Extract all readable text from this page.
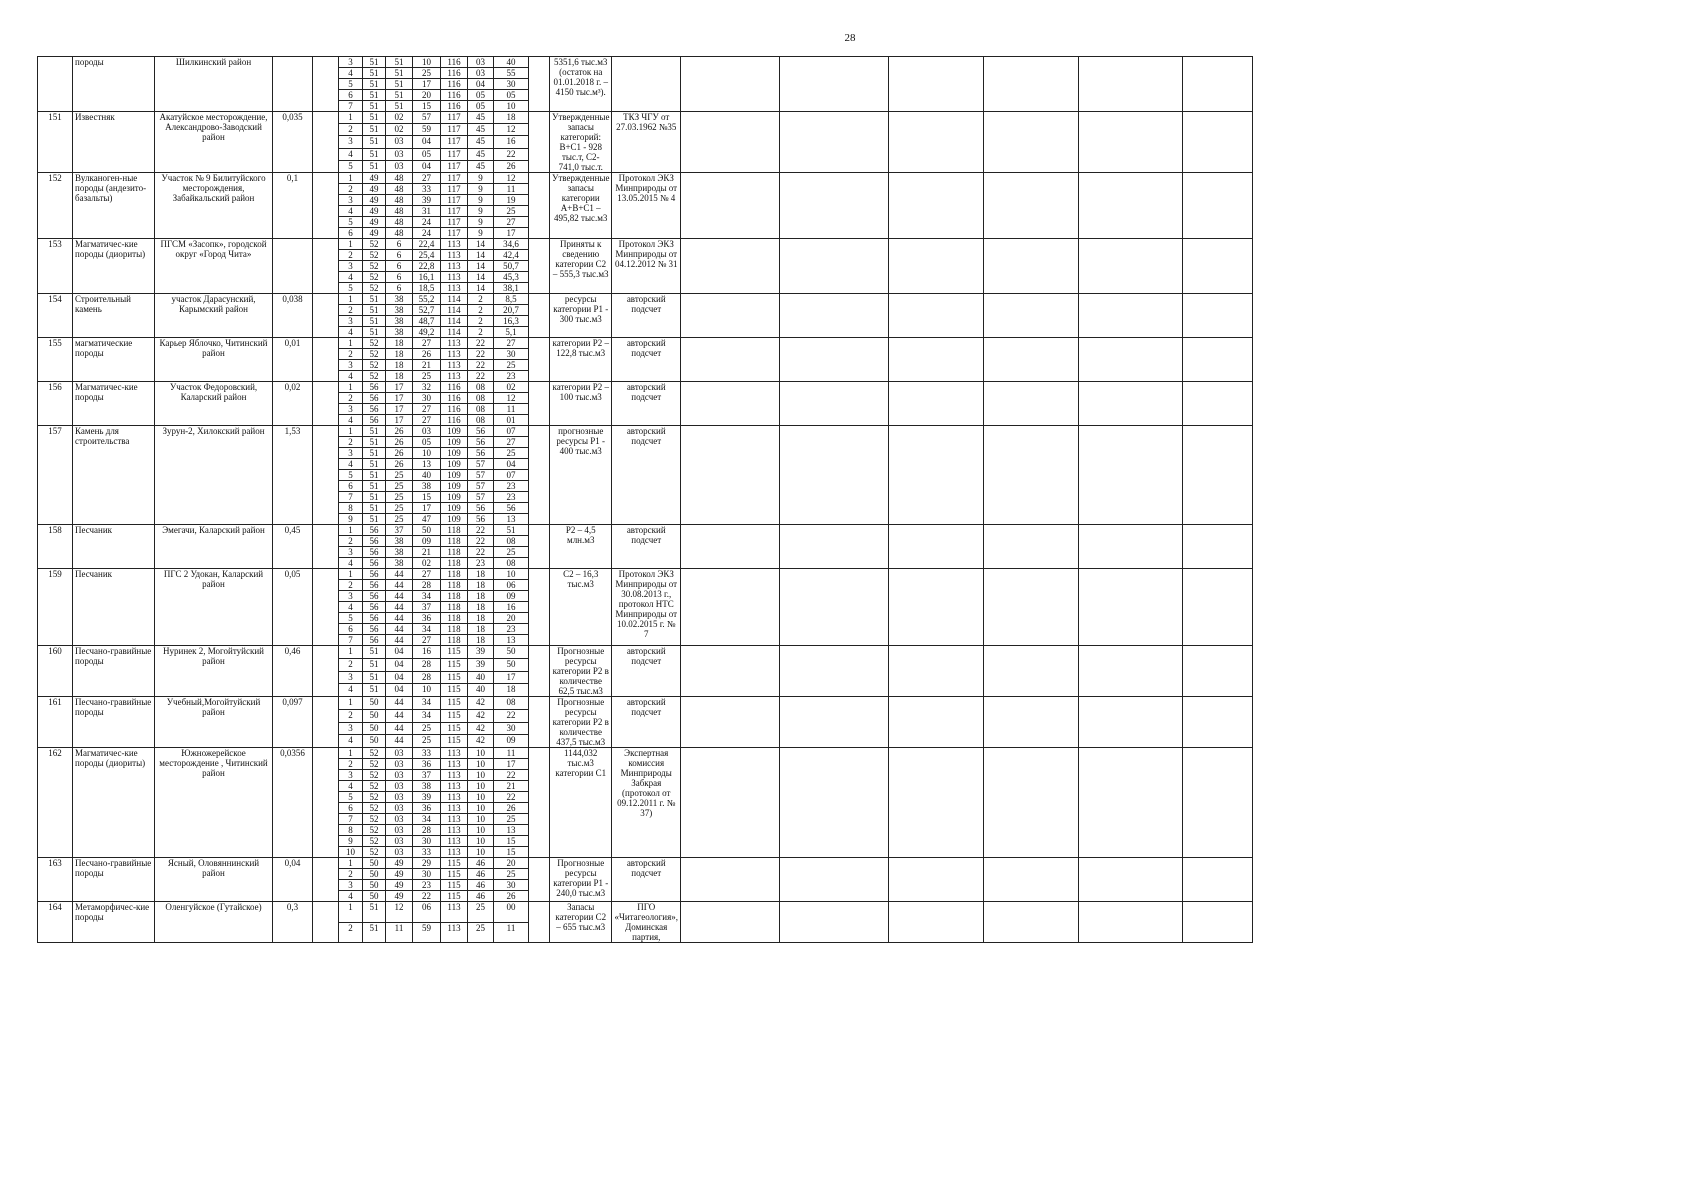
28
	породы	Шилкинский район			3	51	51	10	116	03	40		5351,6 тыс.м3 (остаток на 01.01.2018 г. – 4150 тыс.м³).							
					4	51	51	25	116	03	55									
					5	51	51	17	116	04	30									
					6	51	51	20	116	05	05									
					7	51	51	15	116	05	10									
151	Известняк	Акатуйское месторождение, Александрово-Заводский район	0,035		1	51	02	57	117	45	18		Утвержденные запасы категорий: В+С1 - 928 тыс.т, С2-741,0 тыс.т.	ТКЗ ЧГУ от 27.03.1962 №35						
					2	51	02	59	117	45	12									
					3	51	03	04	117	45	16									
					4	51	03	05	117	45	22									
					5	51	03	04	117	45	26									
152	Вулканоген-ные породы (андезито-базальты)	Участок № 9 Билитуйского месторождения, Забайкальский район	0,1		1	49	48	27	117	9	12		Утвержденные запасы категории А+В+С1 – 495,82 тыс.м3	Протокол ЭКЗ Минприроды от 13.05.2015 № 4						
					2	49	48	33	117	9	11									
					3	49	48	39	117	9	19									
					4	49	48	31	117	9	25									
					5	49	48	24	117	9	27									
					6	49	48	24	117	9	17									
153	Магматичес-кие породы (диориты)	ПГСМ «Засопк», городской округ «Город Чита»			1	52	6	22,4	113	14	34,6		Приняты к сведению категории С2 – 555,3 тыс.м3	Протокол ЭКЗ Минприроды от 04.12.2012 № 31						
					2	52	6	25,4	113	14	42,4									
					3	52	6	22,8	113	14	50,7									
					4	52	6	16,1	113	14	45,3									
					5	52	6	18,5	113	14	38,1									
154	Строительный камень	участок Дарасунский, Карымский район	0,038		1	51	38	55,2	114	2	8,5		ресурсы категории Р1 - 300 тыс.м3	авторский подсчет						
					2	51	38	52,7	114	2	20,7									
					3	51	38	48,7	114	2	16,3									
					4	51	38	49,2	114	2	5,1									
155	магматические породы	Карьер Яблочко, Читинский район	0,01		1	52	18	27	113	22	27		категории Р2 – 122,8 тыс.м3	авторский подсчет						
					2	52	18	26	113	22	30									
					3	52	18	21	113	22	25									
					4	52	18	25	113	22	23									
156	Магматичес-кие породы	Участок Федоровский, Каларский район	0,02		1	56	17	32	116	08	02		категории Р2 – 100 тыс.м3	авторский подсчет						
					2	56	17	30	116	08	12									
					3	56	17	27	116	08	11									
					4	56	17	27	116	08	01									
157	Камень для строительства	Зурун-2, Хилокский район	1,53		1	51	26	03	109	56	07		прогнозные ресурсы Р1 - 400 тыс.м3	авторский подсчет						
					2	51	26	05	109	56	27									
					3	51	26	10	109	56	25									
					4	51	26	13	109	57	04									
					5	51	25	40	109	57	07									
					6	51	25	38	109	57	23									
					7	51	25	15	109	57	23									
					8	51	25	17	109	56	56									
					9	51	25	47	109	56	13									
158	Песчаник	Эмегачи, Каларский район	0,45		1	56	37	50	118	22	51		Р2 – 4,5 млн.м3	авторский подсчет						
					2	56	38	09	118	22	08									
					3	56	38	21	118	22	25									
					4	56	38	02	118	23	08									
159	Песчаник	ПГС 2 Удокан, Каларский район	0,05		1	56	44	27	118	18	10		С2 – 16,3 тыс.м3	Протокол ЭКЗ Минприроды от 30.08.2013 г., протокол НТС Минприроды от 10.02.2015 г. № 7						
					2	56	44	28	118	18	06									
					3	56	44	34	118	18	09									
					4	56	44	37	118	18	16									
					5	56	44	36	118	18	20									
					6	56	44	34	118	18	23									
					7	56	44	27	118	18	13									
160	Песчано-гравийные породы	Нуринек 2, Могойтуйский район	0,46		1	51	04	16	115	39	50		Прогнозные ресурсы категории Р2 в количестве 62,5 тыс.м3	авторский подсчет						
					2	51	04	28	115	39	50									
					3	51	04	28	115	40	17									
					4	51	04	10	115	40	18									
161	Песчано-гравийные породы	Учебный,Могойтуйский район	0,097		1	50	44	34	115	42	08		Прогнозные ресурсы категории Р2 в количестве 437,5 тыс.м3	авторский подсчет						
					2	50	44	34	115	42	22									
					3	50	44	25	115	42	30									
					4	50	44	25	115	42	09									
162	Магматичес-кие породы (диориты)	Южножерейское месторождение , Читинский район	0,0356		1	52	03	33	113	10	11		1144,032 тыс.м3 категории С1	Экспертная комиссия Минприроды Забкрая (протокол от 09.12.2011 г. № 37)						
					2	52	03	36	113	10	17									
					3	52	03	37	113	10	22									
					4	52	03	38	113	10	21									
					5	52	03	39	113	10	22									
					6	52	03	36	113	10	26									
					7	52	03	34	113	10	25									
					8	52	03	28	113	10	13									
					9	52	03	30	113	10	15									
					10	52	03	33	113	10	15									
163	Песчано-гравийные породы	Ясный, Оловяннинский район	0,04		1	50	49	29	115	46	20		Прогнозные ресурсы категории Р1 - 240,0 тыс.м3	авторский подсчет						
					2	50	49	30	115	46	25									
					3	50	49	23	115	46	30									
					4	50	49	22	115	46	26									
164	Метаморфичес-кие породы	Оленгуйское (Гутайское)	0,3		1	51	12	06	113	25	00		Запасы категории С2 – 655 тыс.м3	ПГО «Читагеология», Доминская партия,						
					2	51	11	59	113	25	11									
